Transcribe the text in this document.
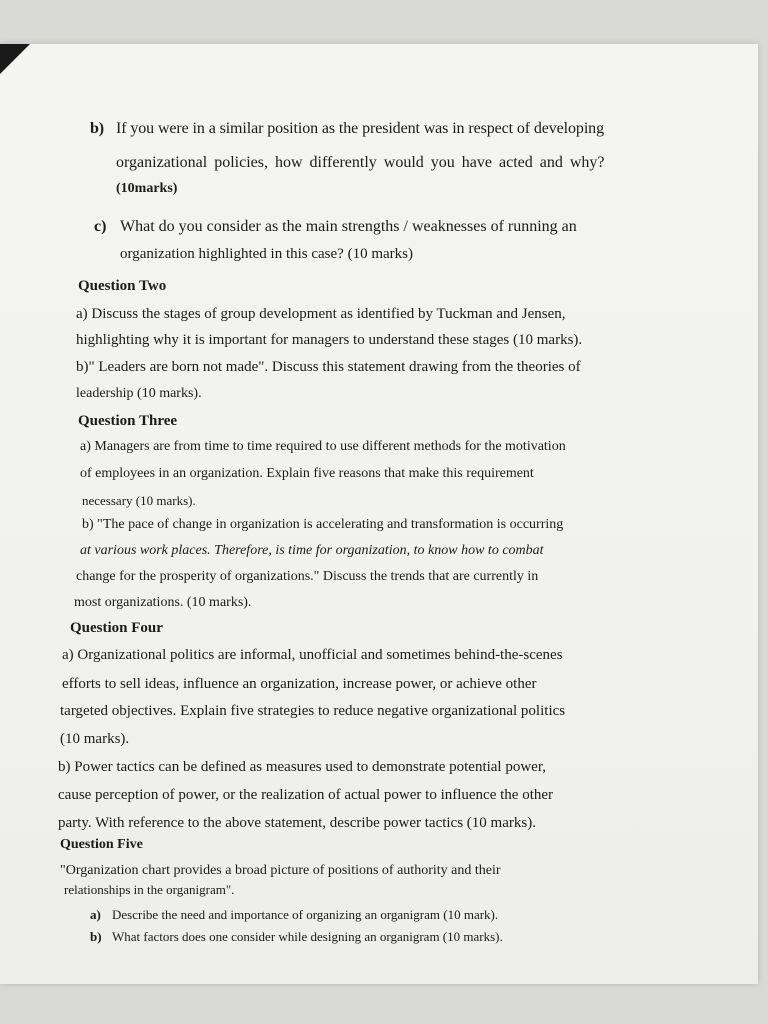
b) If you were in a similar position as the president was in respect of developing
organizational policies, how differently would you have acted and why?
(10marks)
c) What do you consider as the main strengths / weaknesses of running an
organization highlighted in this case? (10 marks)
Question Two
a) Discuss the stages of group development as identified by Tuckman and Jensen,
highlighting why it is important for managers to understand these stages (10 marks).
b)" Leaders are born not made". Discuss this statement drawing from the theories of
leadership (10 marks).
Question Three
a) Managers are from time to time required to use different methods for the motivation
of employees in an organization. Explain five reasons that make this requirement
necessary (10 marks).
b) "The pace of change in organization is accelerating and transformation is occurring
at various work places. Therefore, is time for organization, to know how to combat
change for the prosperity of organizations." Discuss the trends that are currently in
most organizations. (10 marks).
Question Four
a) Organizational politics are informal, unofficial and sometimes behind-the-scenes
efforts to sell ideas, influence an organization, increase power, or achieve other
targeted objectives. Explain five strategies to reduce negative organizational politics
(10 marks).
b) Power tactics can be defined as measures used to demonstrate potential power,
cause perception of power, or the realization of actual power to influence the other
party. With reference to the above statement, describe power tactics (10 marks).
Question Five
"Organization chart provides a broad picture of positions of authority and their
relationships in the organigram".
a) Describe the need and importance of organizing an organigram (10 mark).
b) What factors does one consider while designing an organigram (10 marks).
